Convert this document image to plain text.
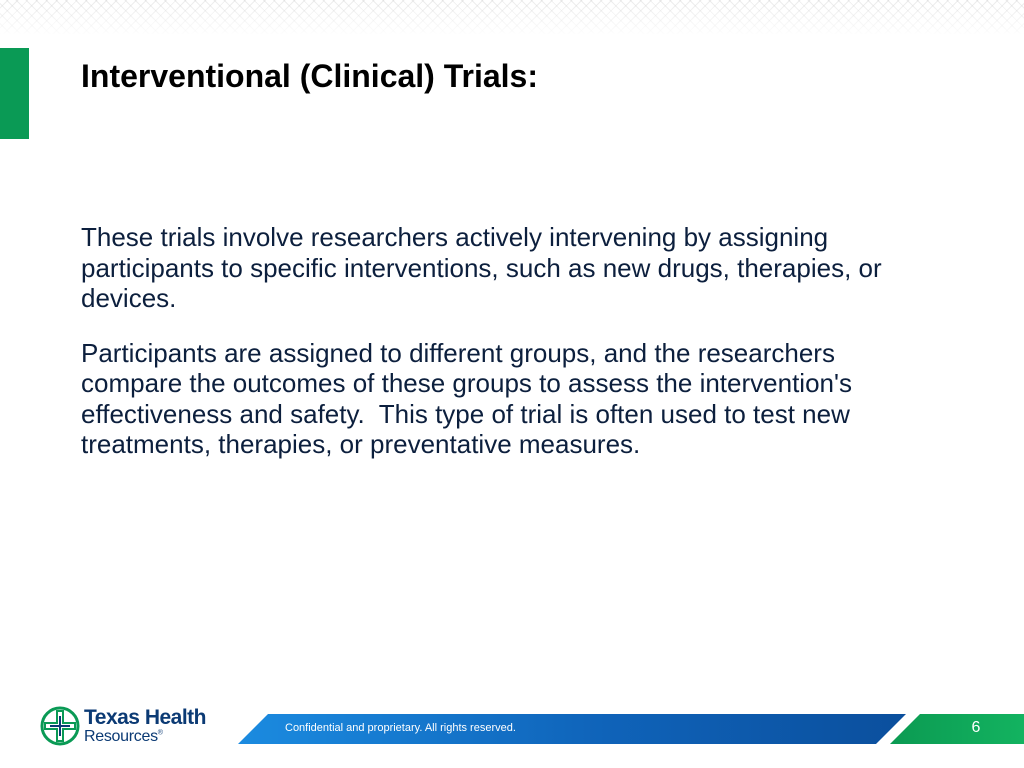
Interventional (Clinical) Trials:

These trials involve researchers actively intervening by assigning participants to specific interventions, such as new drugs, therapies, or devices.

Participants are assigned to different groups, and the researchers compare the outcomes of these groups to assess the intervention's effectiveness and safety.  This type of trial is often used to test new treatments, therapies, or preventative measures.

Texas Health
Resources®	Confidential and proprietary. All rights reserved.	6
